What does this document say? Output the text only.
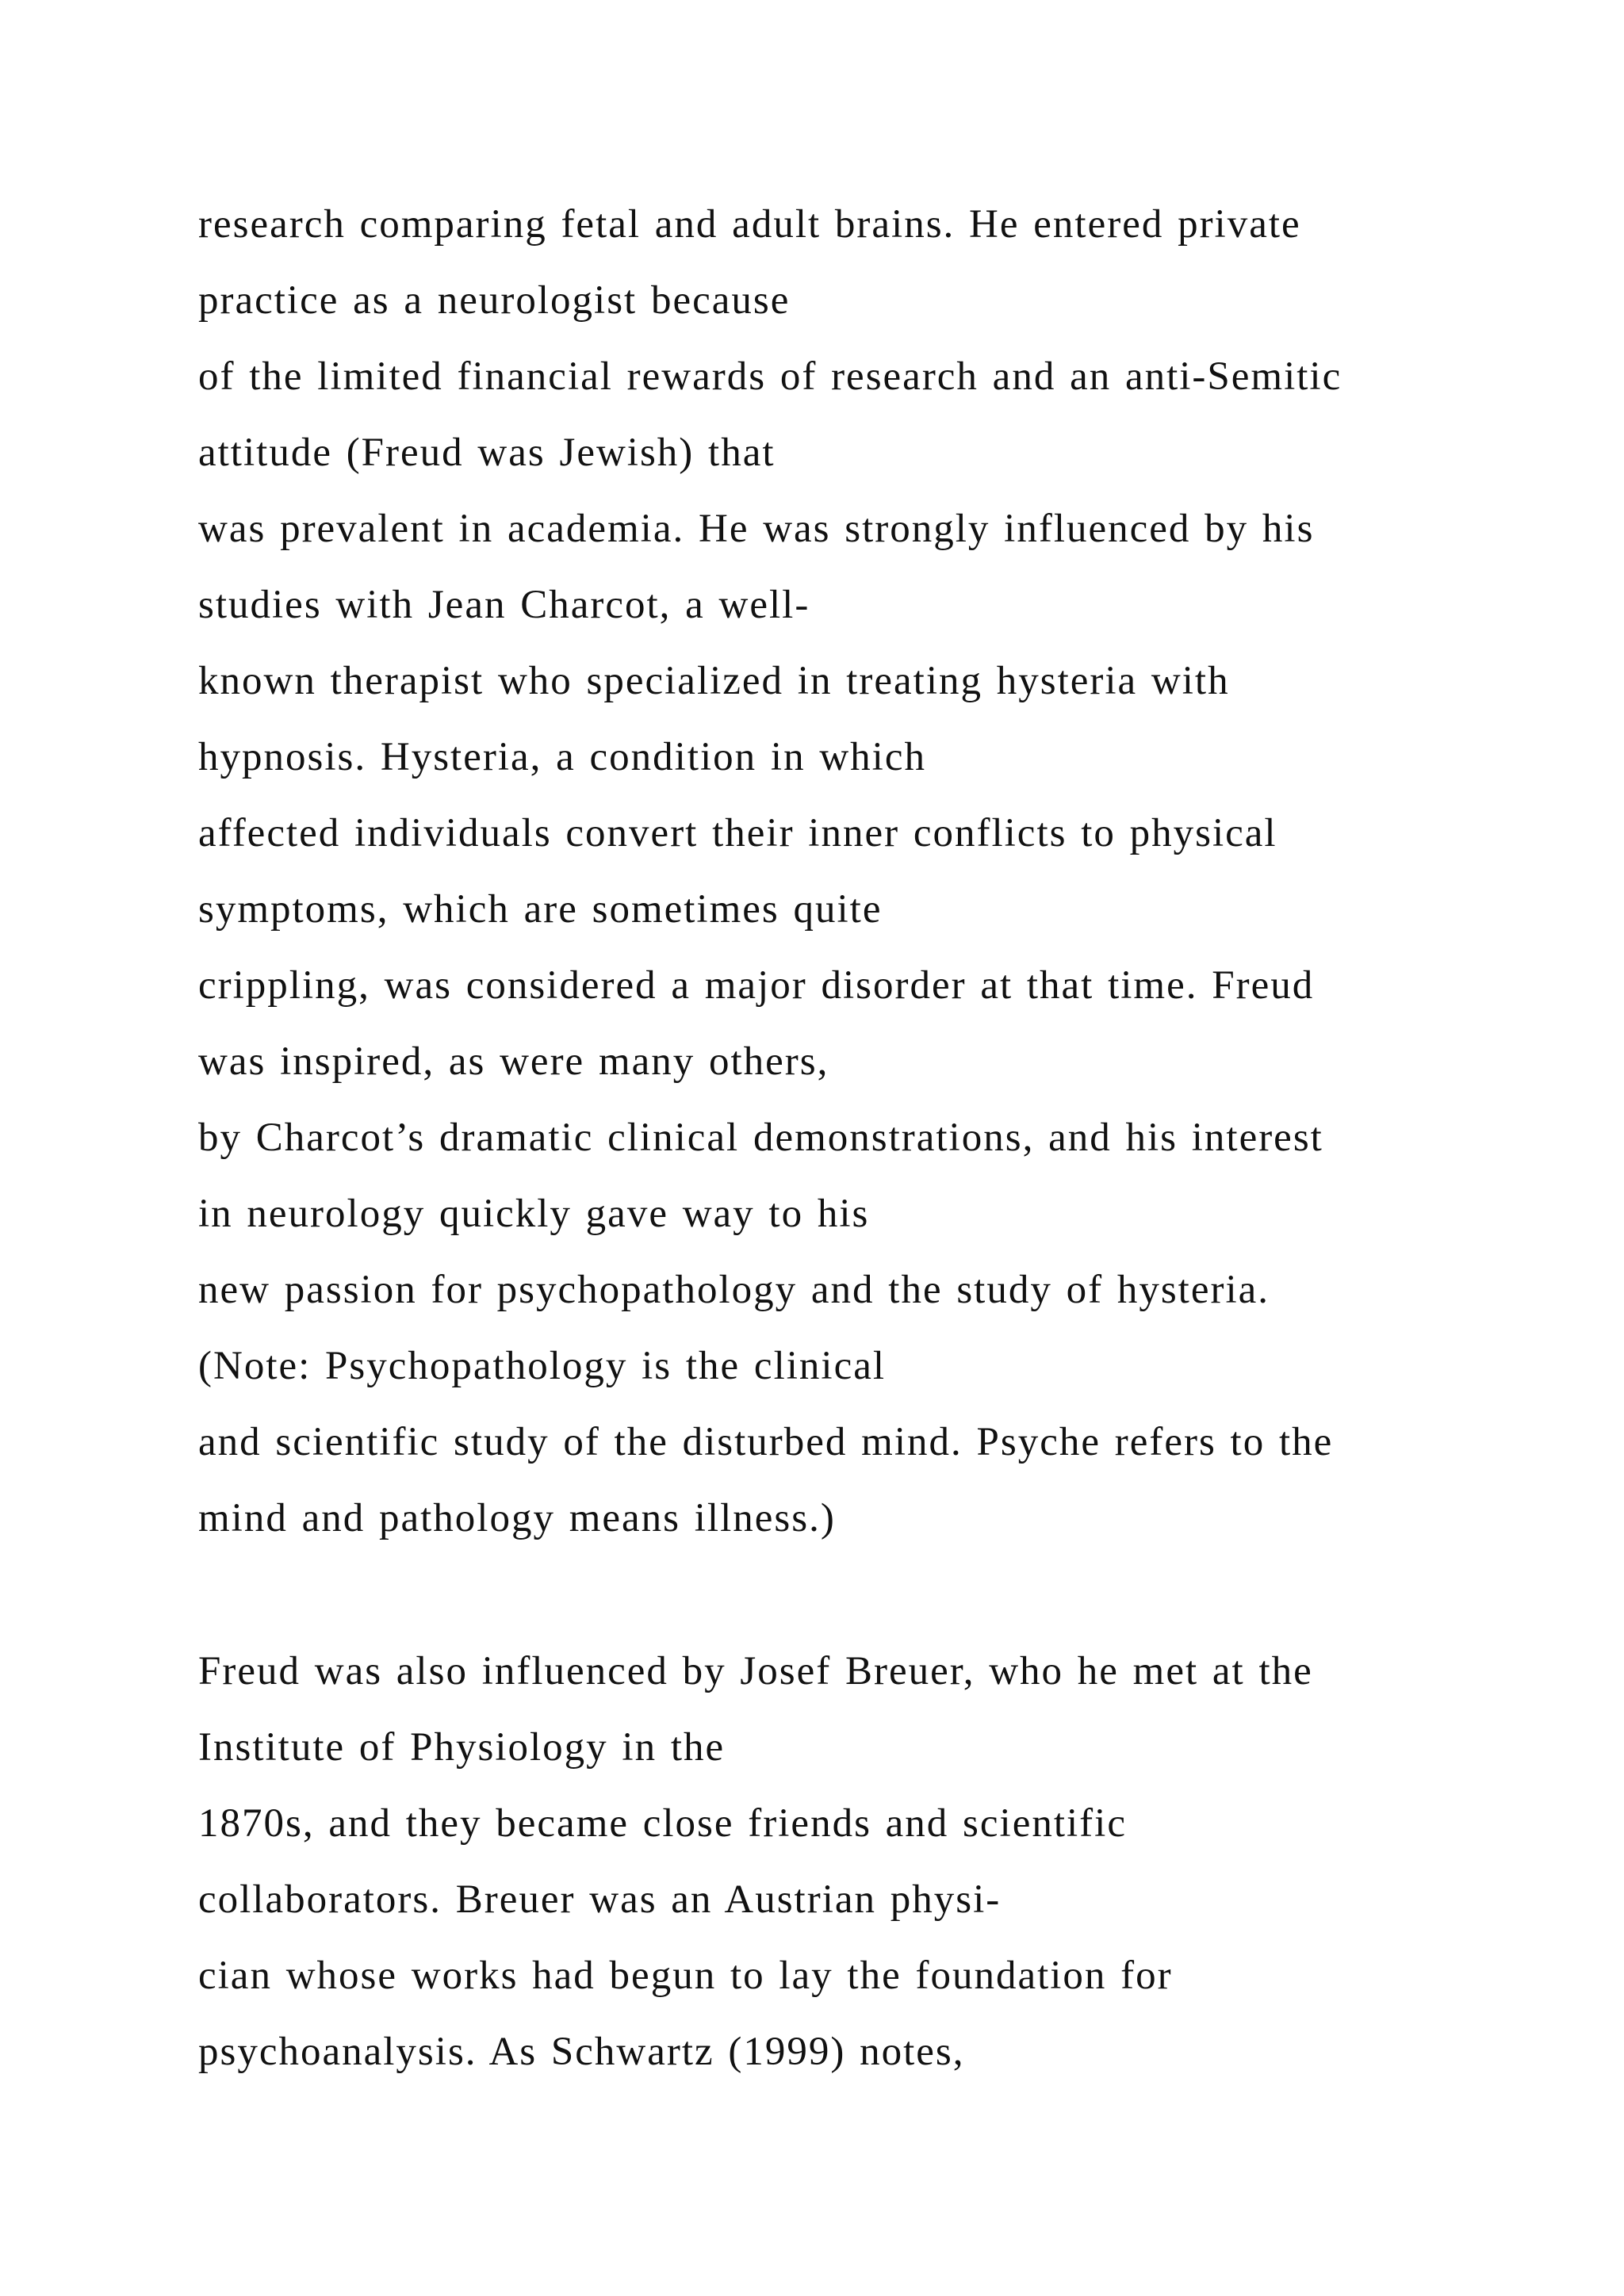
research comparing fetal and adult brains. He entered private
practice as a neurologist because
of the limited financial rewards of research and an anti-Semitic
attitude (Freud was Jewish) that
was prevalent in academia. He was strongly influenced by his
studies with Jean Charcot, a well-
known therapist who specialized in treating hysteria with
hypnosis. Hysteria, a condition in which
affected individuals convert their inner conflicts to physical
symptoms, which are sometimes quite
crippling, was considered a major disorder at that time. Freud
was inspired, as were many others,
by Charcot’s dramatic clinical demonstrations, and his interest
in neurology quickly gave way to his
new passion for psychopathology and the study of hysteria.
(Note: Psychopathology is the clinical
and scientific study of the disturbed mind. Psyche refers to the
mind and pathology means illness.)
Freud was also influenced by Josef Breuer, who he met at the
Institute of Physiology in the
1870s, and they became close friends and scientific
collaborators. Breuer was an Austrian physi-
cian whose works had begun to lay the foundation for
psychoanalysis. As Schwartz (1999) notes,
